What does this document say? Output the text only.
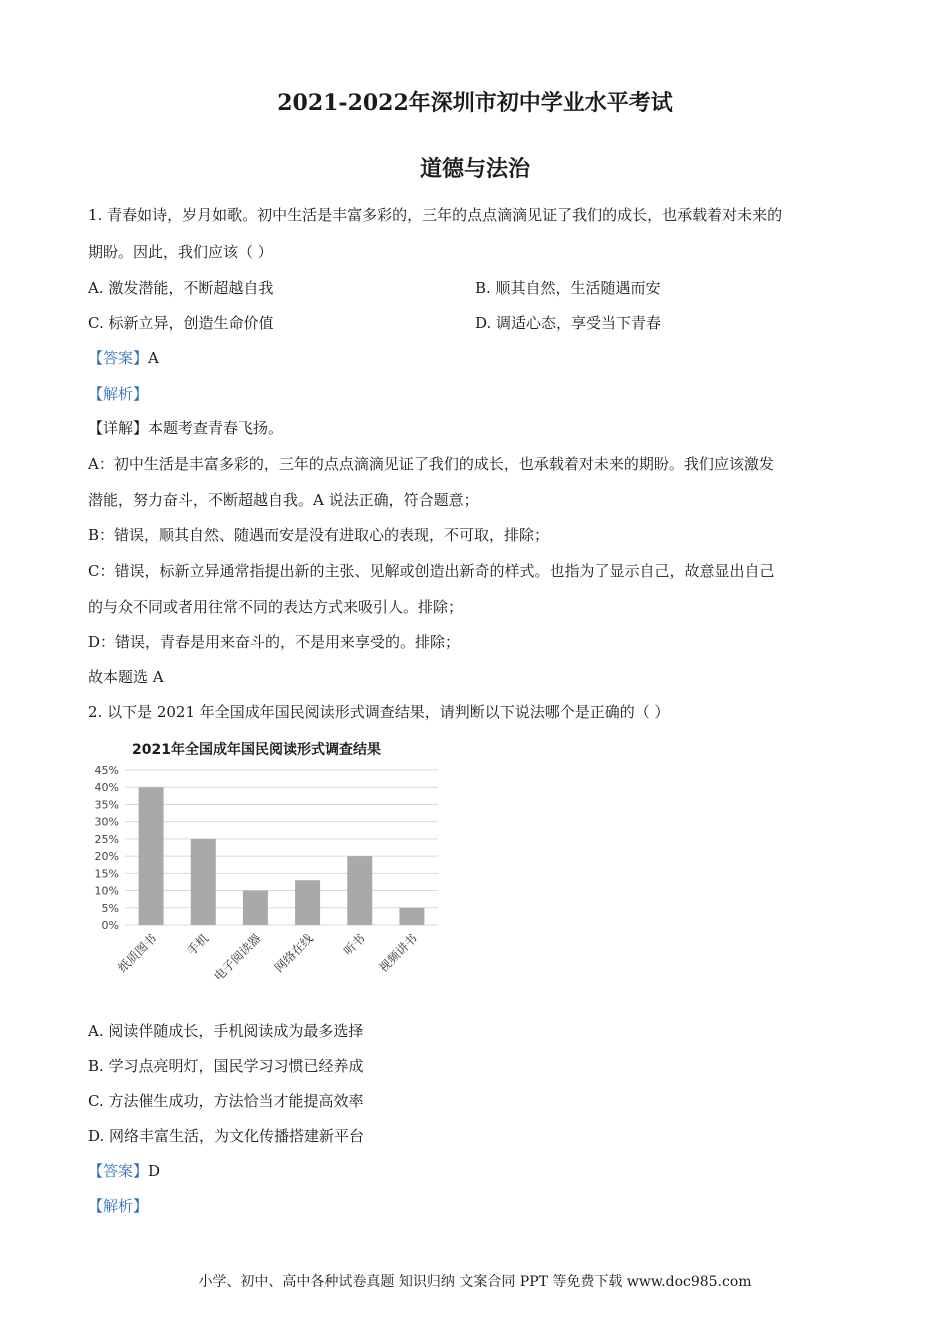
2021-2022年深圳市初中学业水平考试
道德与法治
1. 青春如诗，岁月如歌。初中生活是丰富多彩的，三年的点点滴滴见证了我们的成长，也承载着对未来的
期盼。因此，我们应该（ ）
A. 激发潜能，不断超越自我	B. 顺其自然，生活随遇而安
C. 标新立异，创造生命价值	D. 调适心态，享受当下青春
【答案】A
【解析】
【详解】本题考查青春飞扬。
A：初中生活是丰富多彩的，三年的点点滴滴见证了我们的成长，也承载着对未来的期盼。我们应该激发
潜能，努力奋斗，不断超越自我。A 说法正确，符合题意；
B：错误，顺其自然、随遇而安是没有进取心的表现，不可取，排除；
C：错误，标新立异通常指提出新的主张、见解或创造出新奇的样式。也指为了显示自己，故意显出自己
的与众不同或者用往常不同的表达方式来吸引人。排除；
D：错误，青春是用来奋斗的，不是用来享受的。排除；
故本题选 A
2. 以下是 2021 年全国成年国民阅读形式调查结果，请判断以下说法哪个是正确的（ ）
2021年全国成年国民阅读形式调查结果
0%
5%
10%
15%
20%
25%
30%
35%
40%
45%
纸质图书 手机 电子阅读器 网络在线 听书 视频讲书
A. 阅读伴随成长，手机阅读成为最多选择
B. 学习点亮明灯，国民学习习惯已经养成
C. 方法催生成功，方法恰当才能提高效率
D. 网络丰富生活，为文化传播搭建新平台
【答案】D
【解析】
小学、初中、高中各种试卷真题 知识归纳 文案合同 PPT 等免费下载 www.doc985.com
